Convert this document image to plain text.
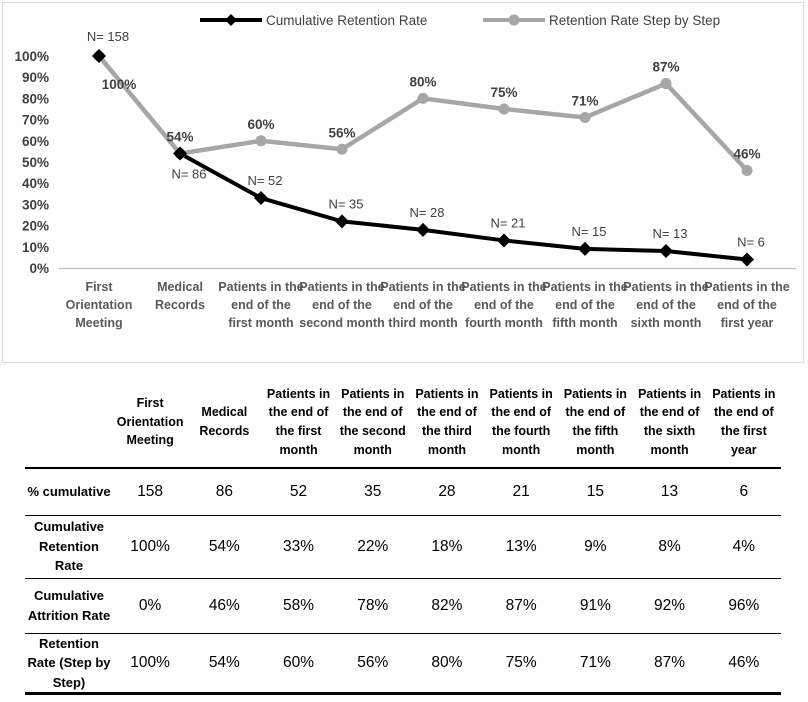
Cumulative Retention Rate	Retention Rate Step by Step
100%
90%
80%
70%
60%
50%
40%
30%
20%
10%
0%
N= 158
N= 86	N= 52
N= 35
N= 28
N= 21
N= 15	N= 13
N= 6
100%
54%
60%
56%
80%
75%
71%
87%
46%
First Orientation Meeting
Medical Records
Patients in the end of the first month
Patients in the end of the second month
Patients in the end of the third month
Patients in the end of the fourth month
Patients in the end of the fifth month
Patients in the end of the sixth month
Patients in the end of the first year
	First Orientation Meeting	Medical Records	Patients in the end of the first month	Patients in the end of the second month	Patients in the end of the third month	Patients in the end of the fourth month	Patients in the end of the fifth month	Patients in the end of the sixth month	Patients in the end of the first year
% cumulative	158	86	52	35	28	21	15	13	6
Cumulative Retention Rate	100%	54%	33%	22%	18%	13%	9%	8%	4%
Cumulative Attrition Rate	0%	46%	58%	78%	82%	87%	91%	92%	96%
Retention Rate (Step by Step)	100%	54%	60%	56%	80%	75%	71%	87%	46%
